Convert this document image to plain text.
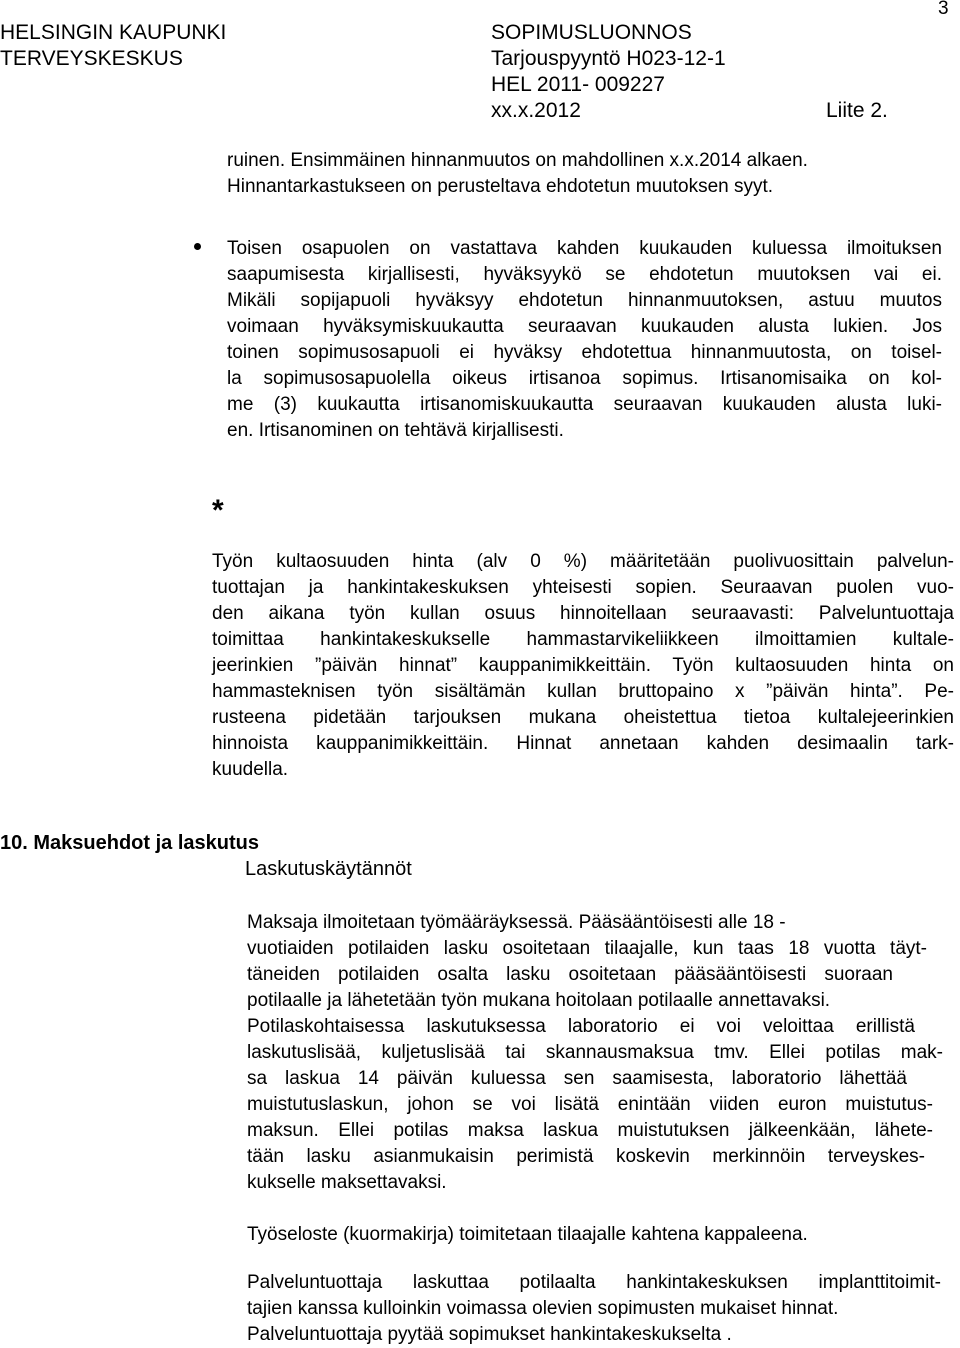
3
HELSINGIN KAUPUNKI
TERVEYSKESKUS
SOPIMUSLUONNOS
Tarjouspyyntö H023-12-1
HEL 2011- 009227
xx.x.2012	Liite 2.
ruinen. Ensimmäinen hinnanmuutos on mahdollinen x.x.2014 alkaen.
Hinnantarkastukseen on perusteltava ehdotetun muutoksen syyt.
Toisen osapuolen on vastattava kahden kuukauden kuluessa ilmoituksen
saapumisesta kirjallisesti, hyväksyykö se ehdotetun muutoksen vai ei.
Mikäli sopijapuoli hyväksyy ehdotetun hinnanmuutoksen, astuu muutos
voimaan hyväksymiskuukautta seuraavan kuukauden alusta lukien. Jos
toinen sopimusosapuoli ei hyväksy ehdotettua hinnanmuutosta, on toisel-
la sopimusosapuolella oikeus irtisanoa sopimus. Irtisanomisaika on kol-
me (3) kuukautta irtisanomiskuukautta seuraavan kuukauden alusta luki-
en. Irtisanominen on tehtävä kirjallisesti.
*
Työn kultaosuuden hinta (alv 0 %) määritetään puolivuosittain palvelun-
tuottajan ja hankintakeskuksen yhteisesti sopien. Seuraavan puolen vuo-
den aikana työn kullan osuus hinnoitellaan seuraavasti: Palveluntuottaja
toimittaa hankintakeskukselle hammastarvikeliikkeen ilmoittamien kultale-
jeerinkien ”päivän hinnat” kauppanimikkeittäin. Työn kultaosuuden hinta on
hammasteknisen työn sisältämän kullan bruttopaino x ”päivän hinta”. Pe-
rusteena pidetään tarjouksen mukana oheistettua tietoa kultalejeerinkien
hinnoista kauppanimikkeittäin. Hinnat annetaan kahden desimaalin tark-
kuudella.
10. Maksuehdot ja laskutus
Laskutuskäytännöt
Maksaja ilmoitetaan työmääräyksessä. Pääsääntöisesti alle 18 -
vuotiaiden potilaiden lasku osoitetaan tilaajalle, kun taas 18 vuotta täyt-
täneiden potilaiden osalta lasku osoitetaan pääsääntöisesti suoraan
potilaalle ja lähetetään työn mukana hoitolaan potilaalle annettavaksi.
Potilaskohtaisessa laskutuksessa laboratorio ei voi veloittaa erillistä
laskutuslisää, kuljetuslisää tai skannausmaksua tmv. Ellei potilas mak-
sa laskua 14 päivän kuluessa sen saamisesta, laboratorio lähettää
muistutuslaskun, johon se voi lisätä enintään viiden euron muistutus-
maksun. Ellei potilas maksa laskua muistutuksen jälkeenkään, lähete-
tään lasku asianmukaisin perimistä koskevin merkinnöin terveyskes-
kukselle maksettavaksi.
Työseloste (kuormakirja) toimitetaan tilaajalle kahtena kappaleena.
Palveluntuottaja laskuttaa potilaalta hankintakeskuksen implanttitoimit-
tajien kanssa kulloinkin voimassa olevien sopimusten mukaiset hinnat.
Palveluntuottaja pyytää sopimukset hankintakeskukselta .
